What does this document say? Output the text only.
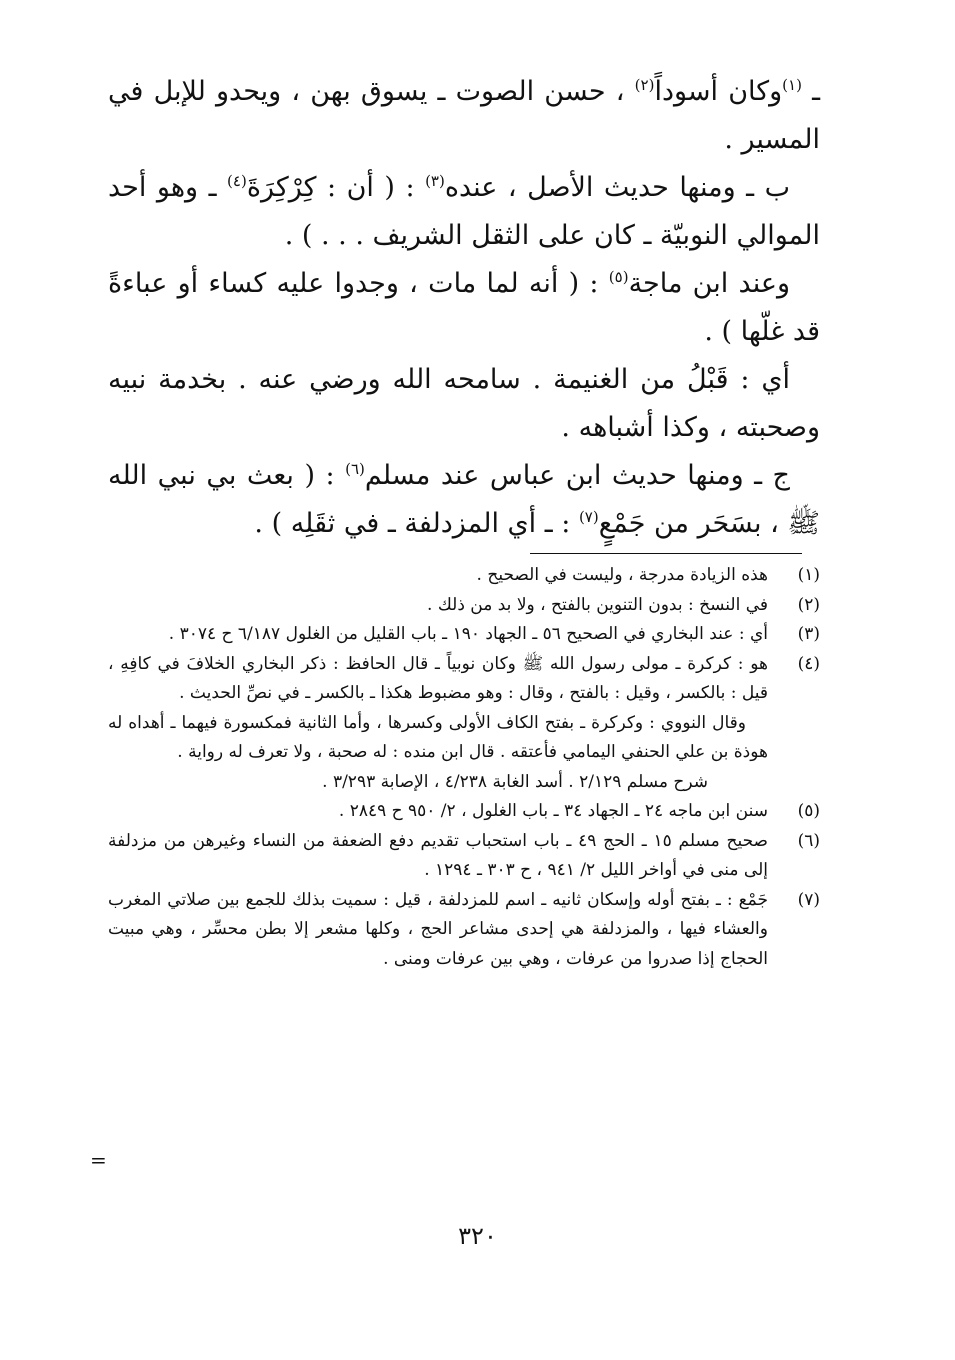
ـ $^{(١)}$وكان أسوداً$^{(٢)}$ ، حسن الصوت ـ يسوق بهن ، ويحدو للإبل في المسير .

ب ـ ومنها حديث الأصل ، عنده$^{(٣)}$ : ( أن : كِرْكِرَةَ$^{(٤)}$ ـ وهو أحد الموالي النوبيّة ـ كان على الثقل الشريف . . . ) .

وعند ابن ماجة$^{(٥)}$ : ( أنه لما مات ، وجدوا عليه كساء أو عباءةً قد غلّها ) .

أي : قَبْلُ من الغنيمة . سامحه الله ورضي عنه . بخدمة نبيه وصحبته ، وكذا أشباهه .

ج ـ ومنها حديث ابن عباس عند مسلم$^{(٦)}$ : ( بعث بي نبي الله ﷺ ، بسَحَر من جَمْعٍ$^{(٧)}$ : ـ أي المزدلفة ـ في ثقَلِه ) .

(١)

هذه الزيادة مدرجة ، وليست في الصحيح .

(٢)

في النسخ : بدون التنوين بالفتح ، ولا بد من ذلك .

(٣)

أي : عند البخاري في الصحيح ٥٦ ـ الجهاد ١٩٠ ـ باب القليل من الغلول ٦/١٨٧ ح ٣٠٧٤ .

(٤)

هو : كركرة ـ مولى رسول الله ﷺ وكان نوبياً ـ قال الحافظ : ذكر البخاري الخلافَ في كافِهِ ، قيل : بالكسر ، وقيل : بالفتح ، وقال : وهو مضبوط هكذا ـ بالكسر ـ في نصِّ الحديث .

وقال النووي : وكركرة ـ بفتح الكاف الأولى وكسرها ، وأما الثانية فمكسورة فيهما ـ أهداه له هوذة بن علي الحنفي اليمامي فأعتقه . قال ابن منده : له صحبة ، ولا تعرف له رواية .

شرح مسلم ٢/١٢٩ . أسد الغابة ٤/٢٣٨ ، الإصابة ٣/٢٩٣ .

(٥)

سنن ابن ماجه ٢٤ ـ الجهاد ٣٤ ـ باب الغلول ، ٢/ ٩٥٠ ح ٢٨٤٩ .

(٦)

صحيح مسلم ١٥ ـ الحج ٤٩ ـ باب استحباب تقديم دفع الضعفة من النساء وغيرهن من مزدلفة إلى منى في أواخر الليل ٢/ ٩٤١ ، ح ٣٠٣ ـ ١٢٩٤ .

(٧)

جَمْع : ـ بفتح أوله وإسكان ثانيه ـ اسم للمزدلفة ، قيل : سميت بذلك للجمع بين صلاتي المغرب والعشاء فيها ، والمزدلفة هي إحدى مشاعر الحج ، وكلها مشعر إلا بطن محسِّر ، وهي مبيت الحجاج إذا صدروا من عرفات ، وهي بين عرفات ومنى .

=
٣٢٠
